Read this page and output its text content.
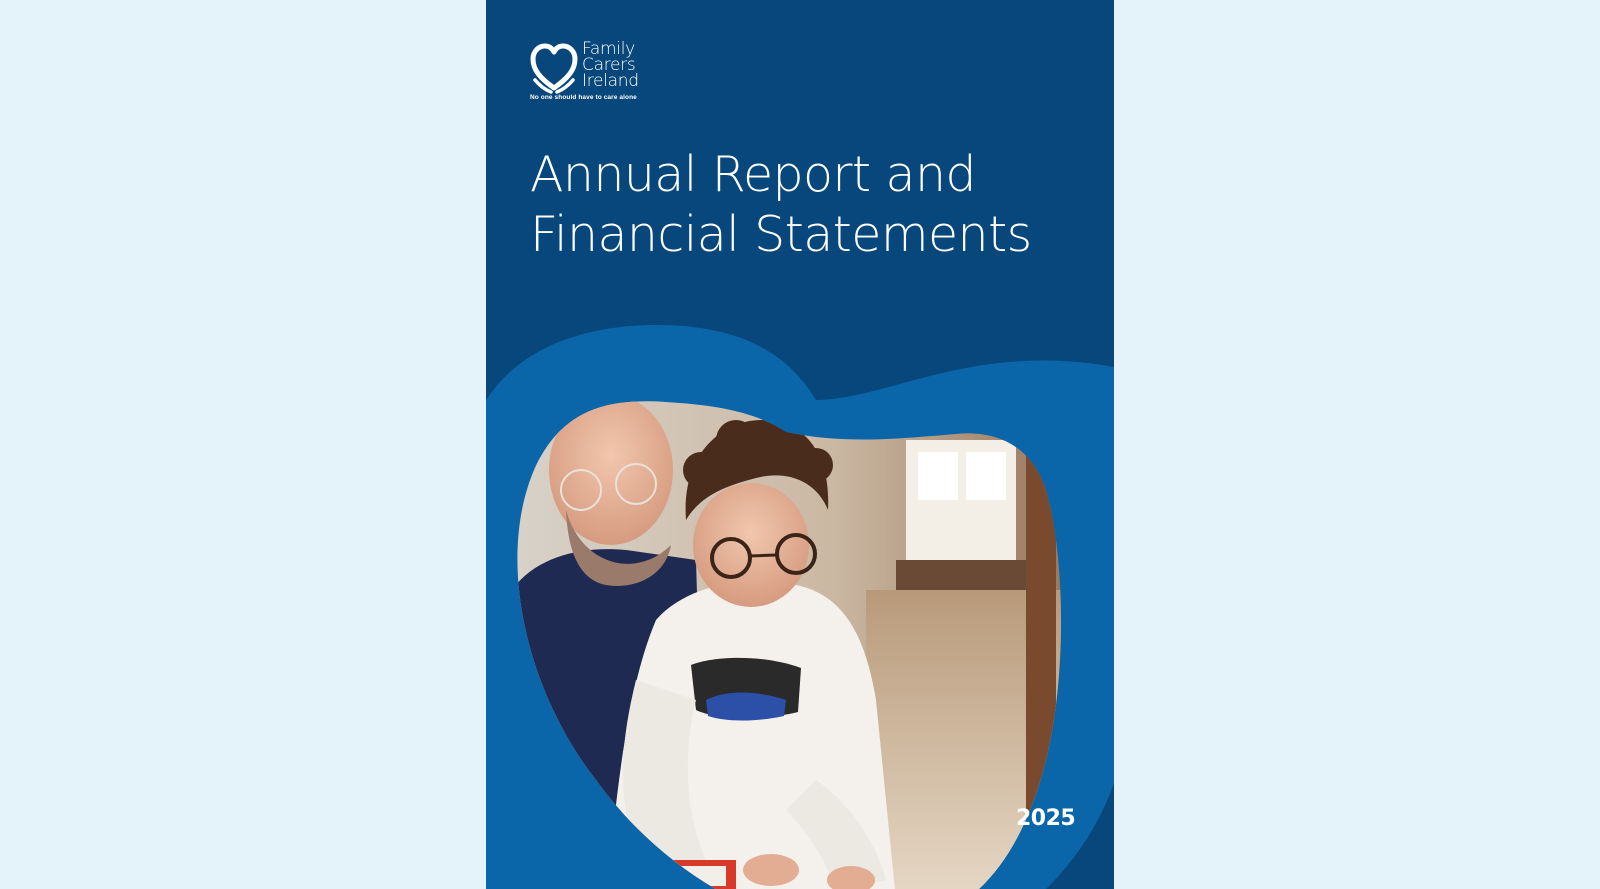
Family
Carers
Ireland
No one should have to care alone
Annual Report and
Financial Statements
2025
